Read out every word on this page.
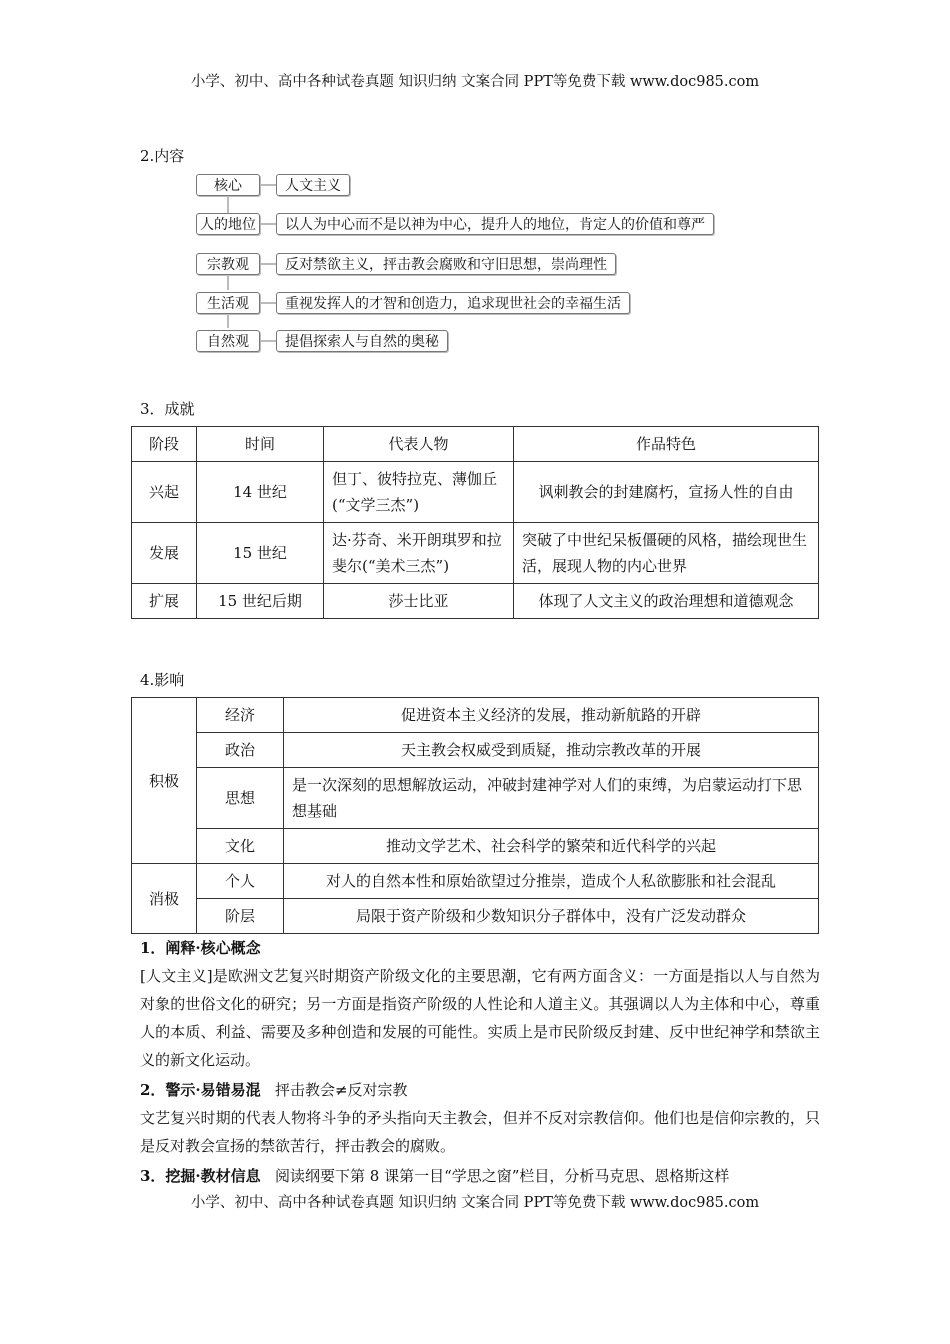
小学、初中、高中各种试卷真题 知识归纳 文案合同 PPT等免费下载 www.doc985.com
2.内容
核心	人文主义
人的地位	以人为中心而不是以神为中心，提升人的地位，肯定人的价值和尊严
宗教观	反对禁欲主义，抨击教会腐败和守旧思想，崇尚理性
生活观	重视发挥人的才智和创造力，追求现世社会的幸福生活
自然观	提倡探索人与自然的奥秘
3．成就
阶段	时间	代表人物	作品特色
兴起	14 世纪	但丁、彼特拉克、薄伽丘(“文学三杰”)	讽刺教会的封建腐朽，宣扬人性的自由
发展	15 世纪	达·芬奇、米开朗琪罗和拉斐尔(“美术三杰”)	突破了中世纪呆板僵硬的风格，描绘现世生活，展现人物的内心世界
扩展	15 世纪后期	莎士比亚	体现了人文主义的政治理想和道德观念
4.影响
积极	经济	促进资本主义经济的发展，推动新航路的开辟
	政治	天主教会权威受到质疑，推动宗教改革的开展
	思想	是一次深刻的思想解放运动，冲破封建神学对人们的束缚，为启蒙运动打下思想基础
	文化	推动文学艺术、社会科学的繁荣和近代科学的兴起
消极	个人	对人的自然本性和原始欲望过分推崇，造成个人私欲膨胀和社会混乱
	阶层	局限于资产阶级和少数知识分子群体中，没有广泛发动群众

1．阐释·核心概念

[人文主义]是欧洲文艺复兴时期资产阶级文化的主要思潮，它有两方面含义：一方面是指以人与自然为对象的世俗文化的研究；另一方面是指资产阶级的人性论和人道主义。其强调以人为主体和中心，尊重人的本质、利益、需要及多种创造和发展的可能性。实质上是市民阶级反封建、反中世纪神学和禁欲主义的新文化运动。

2．警示·易错易混 抨击教会≠反对宗教

文艺复兴时期的代表人物将斗争的矛头指向天主教会，但并不反对宗教信仰。他们也是信仰宗教的，只是反对教会宣扬的禁欲苦行，抨击教会的腐败。

3．挖掘·教材信息 阅读纲要下第 8 课第一目“学思之窗”栏目，分析马克思、恩格斯这样

小学、初中、高中各种试卷真题 知识归纳 文案合同 PPT等免费下载 www.doc985.com
